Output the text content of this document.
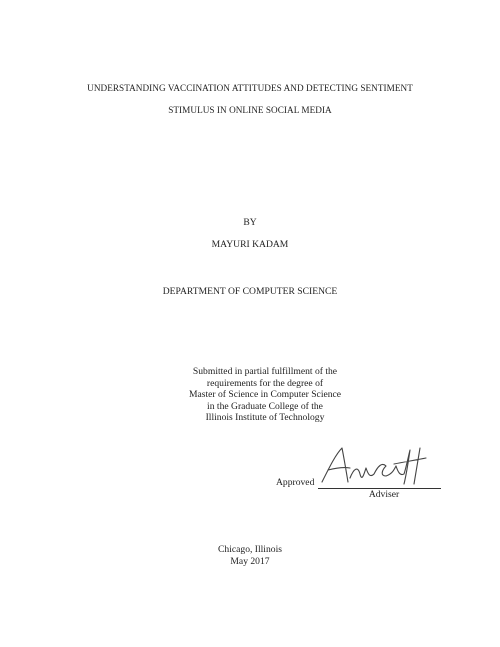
UNDERSTANDING VACCINATION ATTITUDES AND DETECTING SENTIMENT
STIMULUS IN ONLINE SOCIAL MEDIA
BY
MAYURI KADAM
DEPARTMENT OF COMPUTER SCIENCE
Submitted in partial fulfillment of the
requirements for the degree of
Master of Science in Computer Science
in the Graduate College of the
Illinois Institute of Technology
Approved
Adviser
Chicago, Illinois
May 2017
